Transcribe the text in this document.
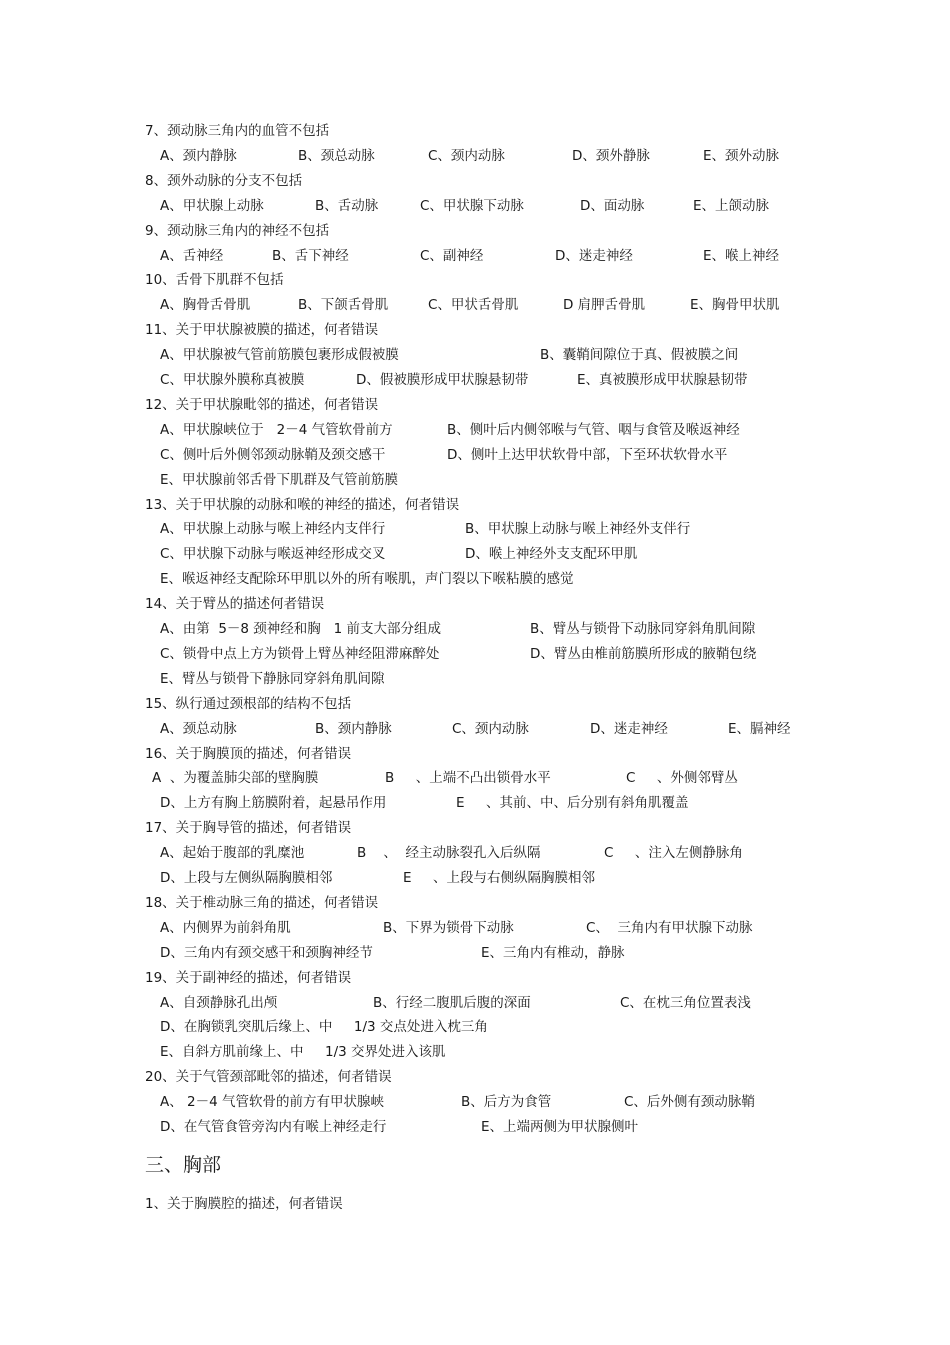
7、颈动脉三角内的血管不包括
A、颈内静脉	B、颈总动脉	C、颈内动脉	D、颈外静脉	E、颈外动脉
8、颈外动脉的分支不包括
A、甲状腺上动脉	B、舌动脉	C、甲状腺下动脉	D、面动脉	E、上颌动脉
9、颈动脉三角内的神经不包括
A、舌神经	B、舌下神经	C、副神经	D、迷走神经	E、喉上神经
10、舌骨下肌群不包括
A、胸骨舌骨肌	B、下颌舌骨肌	C、甲状舌骨肌	D 肩胛舌骨肌	E、胸骨甲状肌
11、关于甲状腺被膜的描述，何者错误
A、甲状腺被气管前筋膜包裹形成假被膜	B、囊鞘间隙位于真、假被膜之间
C、甲状腺外膜称真被膜	D、假被膜形成甲状腺悬韧带	E、真被膜形成甲状腺悬韧带
12、关于甲状腺毗邻的描述，何者错误
A、甲状腺峡位于   2－4 气管软骨前方	B、侧叶后内侧邻喉与气管、咽与食管及喉返神经
C、侧叶后外侧邻颈动脉鞘及颈交感干	D、侧叶上达甲状软骨中部，下至环状软骨水平
E、甲状腺前邻舌骨下肌群及气管前筋膜
13、关于甲状腺的动脉和喉的神经的描述，何者错误
A、甲状腺上动脉与喉上神经内支伴行	B、甲状腺上动脉与喉上神经外支伴行
C、甲状腺下动脉与喉返神经形成交叉	D、喉上神经外支支配环甲肌
E、喉返神经支配除环甲肌以外的所有喉肌，声门裂以下喉粘膜的感觉
14、关于臂丛的描述何者错误
A、由第  5－8 颈神经和胸   1 前支大部分组成	B、臂丛与锁骨下动脉同穿斜角肌间隙
C、锁骨中点上方为锁骨上臂丛神经阻滞麻醉处	D、臂丛由椎前筋膜所形成的腋鞘包绕
E、臂丛与锁骨下静脉同穿斜角肌间隙
15、纵行通过颈根部的结构不包括
A、颈总动脉	B、颈内静脉	C、颈内动脉	D、迷走神经	E、膈神经
16、关于胸膜顶的描述，何者错误
A  、为覆盖肺尖部的壁胸膜	B     、上端不凸出锁骨水平	C     、外侧邻臂丛
D、上方有胸上筋膜附着，起悬吊作用	E     、其前、中、后分别有斜角肌覆盖
17、关于胸导管的描述，何者错误
A、起始于腹部的乳糜池	B    、  经主动脉裂孔入后纵隔	C     、注入左侧静脉角
D、上段与左侧纵隔胸膜相邻	E     、上段与右侧纵隔胸膜相邻
18、关于椎动脉三角的描述，何者错误
A、内侧界为前斜角肌	B、下界为锁骨下动脉	C、  三角内有甲状腺下动脉
D、三角内有颈交感干和颈胸神经节	E、三角内有椎动，静脉
19、关于副神经的描述，何者错误
A、自颈静脉孔出颅	B、行经二腹肌后腹的深面	C、在枕三角位置表浅
D、在胸锁乳突肌后缘上、中     1/3 交点处进入枕三角
E、自斜方肌前缘上、中     1/3 交界处进入该肌
20、关于气管颈部毗邻的描述，何者错误
A、 2－4 气管软骨的前方有甲状腺峡	B、后方为食管	C、后外侧有颈动脉鞘
D、在气管食管旁沟内有喉上神经走行	E、上端两侧为甲状腺侧叶
三、胸部
1、关于胸膜腔的描述，何者错误
